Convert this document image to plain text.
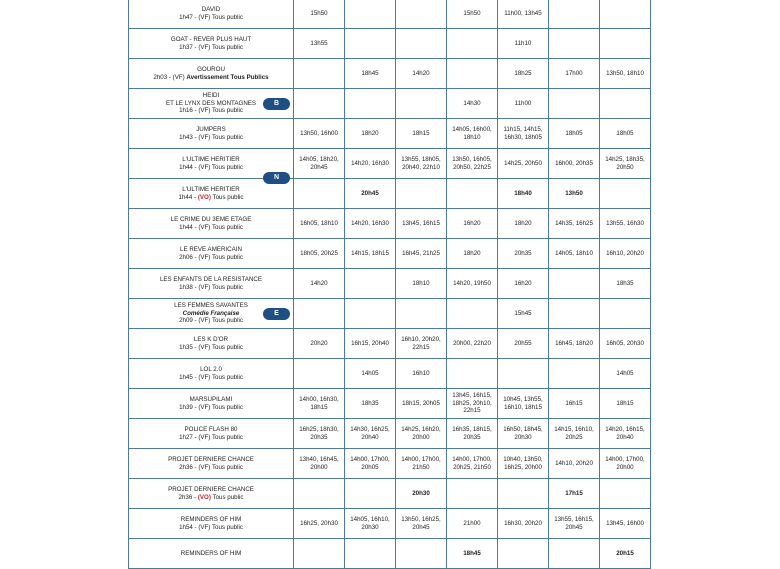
DAVID
1h47 - (VF) Tous public	15h50			15h50	11h00, 13h45		

GOAT - REVER PLUS HAUT
1h37 - (VF) Tous public	13h55				11h10		

GOUROU
2h03 - (VF) Avertissement Tous Publics		18h45	14h20		18h25	17h00	13h50, 18h10

HEIDI
ET LE LYNX DES MONTAGNES
1h16 - (VF) Tous public
B				14h30	11h00		

JUMPERS
1h43 - (VF) Tous public	13h50, 16h00	18h20	18h15	14h05, 16h00, 18h10	11h15, 14h15, 16h30, 18h05	18h05	18h05

L'ULTIME HERITIER
1h44 - (VF) Tous public
N	14h05, 18h20, 20h45	14h20, 16h30	13h55, 18h05, 20h40, 22h10	13h50, 16h05, 20h50, 22h25	14h25, 20h50	16h00, 20h35	14h25, 18h35, 20h50

L'ULTIME HERITIER
1h44 - (VO) Tous public		20h45			18h40	13h50	

LE CRIME DU 3EME ETAGE
1h44 - (VF) Tous public	16h05, 18h10	14h20, 16h30	13h45, 16h15	16h20	18h20	14h35, 16h25	13h55, 16h30

LE REVE AMERICAIN
2h06 - (VF) Tous public	18h05, 20h25	14h15, 18h15	16h45, 21h25	18h20	20h35	14h05, 18h10	16h10, 20h20

LES ENFANTS DE LA RESISTANCE
1h38 - (VF) Tous public	14h20		18h10	14h20, 19h50	16h20		18h35

LES FEMMES SAVANTES
Comédie Française
2h09 - (VF) Tous public
E					15h45		

LES K D'OR
1h35 - (VF) Tous public	20h20	16h15, 20h40	16h10, 20h20, 22h15	20h00, 22h20	20h55	16h45, 18h20	16h05, 20h30

LOL 2.0
1h45 - (VF) Tous public		14h05	16h10				14h05

MARSUPILAMI
1h39 - (VF) Tous public	14h00, 16h30, 18h15	18h35	18h15, 20h05	13h45, 16h15, 18h25, 20h10, 22h15	10h45, 13h55, 16h10, 18h15	16h15	18h15

POLICE FLASH 80
1h27 - (VF) Tous public	16h25, 18h30, 20h35	14h30, 16h25, 20h40	14h25, 16h20, 20h00	16h35, 18h15, 20h35	16h50, 18h45, 20h30	14h15, 16h10, 20h25	14h20, 16h15, 20h40

PROJET DERNIERE CHANCE
2h36 - (VF) Tous public	13h40, 16h45, 20h00	14h00, 17h00, 20h05	14h00, 17h00, 21h50	14h00, 17h00, 20h25, 21h50	10h40, 13h50, 16h25, 20h00	14h10, 20h20	14h00, 17h00, 20h00

PROJET DERNIERE CHANCE
2h36 - (VO) Tous public			20h30			17h15	

REMINDERS OF HIM
1h54 - (VF) Tous public	16h25, 20h30	14h05, 16h10, 20h30	13h50, 16h25, 20h45	21h00	16h30, 20h20	13h55, 16h15, 20h45	13h45, 16h00

REMINDERS OF HIM				18h45			20h15
